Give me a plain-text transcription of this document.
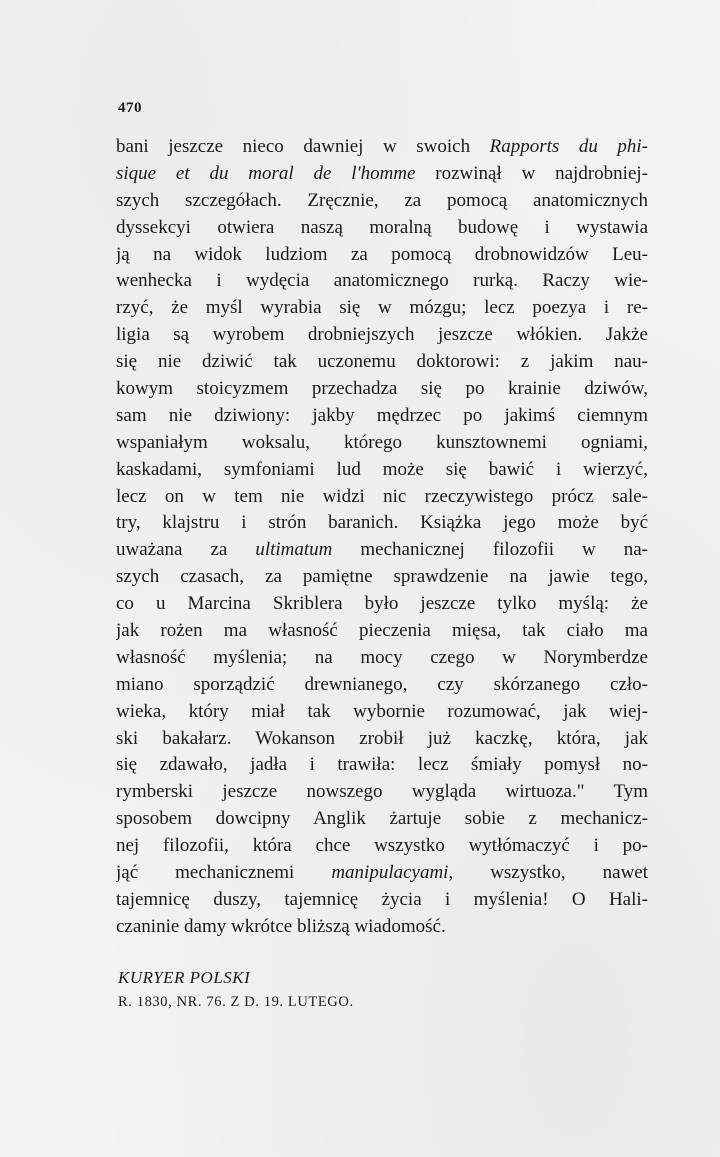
470
bani jeszcze nieco dawniej w swoich Rapports du phi-
sique et du moral de l'homme rozwinął w najdrobniej-
szych szczegółach. Zręcznie, za pomocą anatomicznych
dyssekcyi otwiera naszą moralną budowę i wystawia
ją na widok ludziom za pomocą drobnowidzów Leu-
wenhecka i wydęcia anatomicznego rurką. Raczy wie-
rzyć, że myśl wyrabia się w mózgu; lecz poezya i re-
ligia są wyrobem drobniejszych jeszcze włókien. Jakże
się nie dziwić tak uczonemu doktorowi: z jakim nau-
kowym stoicyzmem przechadza się po krainie dziwów,
sam nie dziwiony: jakby mędrzec po jakimś ciemnym
wspaniałym woksalu, którego kunsztownemi ogniami,
kaskadami, symfoniami lud może się bawić i wierzyć,
lecz on w tem nie widzi nic rzeczywistego prócz sale-
try, klajstru i strón baranich. Książka jego może być
uważana za ultimatum mechanicznej filozofii w na-
szych czasach, za pamiętne sprawdzenie na jawie tego,
co u Marcina Skriblera było jeszcze tylko myślą: że
jak rożen ma własność pieczenia mięsa, tak ciało ma
własność myślenia; na mocy czego w Norymberdze
miano sporządzić drewnianego, czy skórzanego czło-
wieka, który miał tak wybornie rozumować, jak wiej-
ski bakałarz. Wokanson zrobił już kaczkę, która, jak
się zdawało, jadła i trawiła: lecz śmiały pomysł no-
rymberski jeszcze nowszego wygląda wirtuoza." Tym
sposobem dowcipny Anglik żartuje sobie z mechanicz-
nej filozofii, która chce wszystko wytłómaczyć i po-
jąć mechanicznemi manipulacyami, wszystko, nawet
tajemnicę duszy, tajemnicę życia i myślenia! O Hali-
czaninie damy wkrótce bliższą wiadomość.
KURYER POLSKI
R. 1830, NR. 76. Z D. 19. LUTEGO.
